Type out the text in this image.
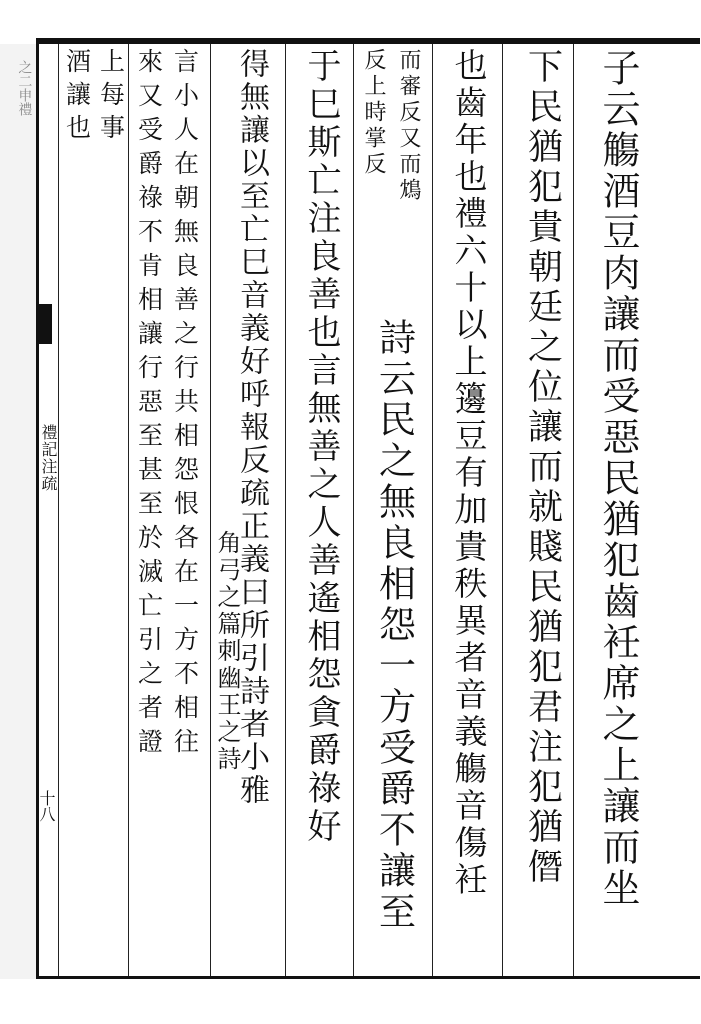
之二申禮
禮記注疏
十八	子云觴酒豆肉讓而受惡民猶犯齒衽席之上讓而坐
下民猶犯貴朝廷之位讓而就賤民猶犯君注犯猶僭
也齒年也禮六十以上籩豆有加貴秩異者音義觴音傷衽
而審反又而鴆
反上時掌反
詩云民之無良相怨一方受爵不讓至
于巳斯亡注良善也言無善之人善遙相怨貪爵祿好
得無讓以至亡巳音義好呼報反疏正義曰所引詩者小雅
角弓之篇刺幽王之詩
言小人在朝無良善之行共相怨恨各在一方不相往
來又受爵祿不肯相讓行惡至甚至於滅亡引之者證
上每事
酒讓也
